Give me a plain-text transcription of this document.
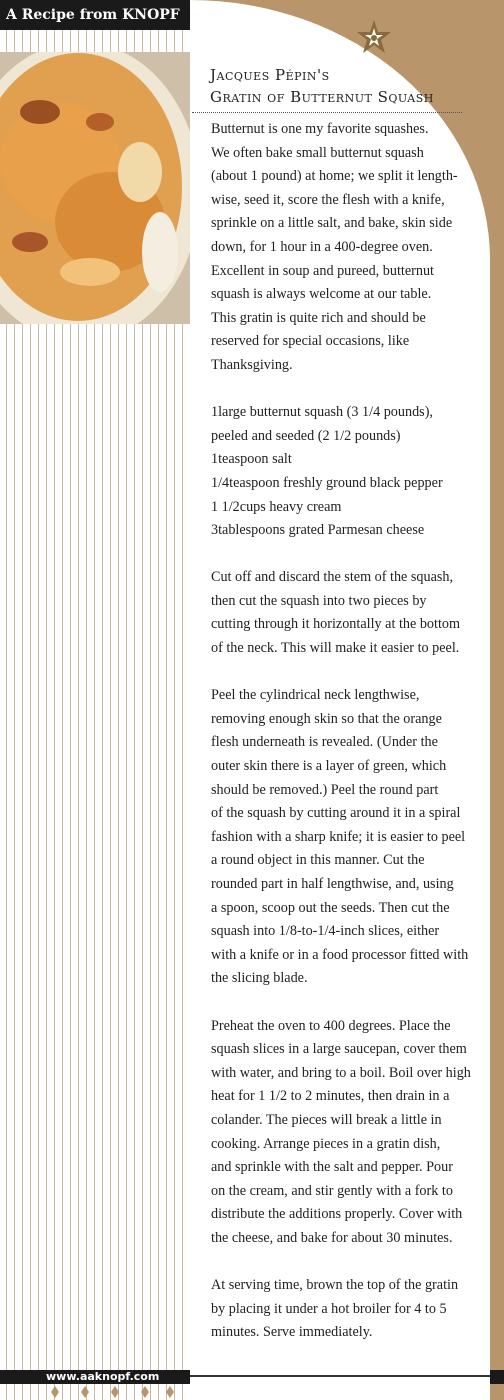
A Recipe from KNOPF
Jacques Pépin's
Gratin of Butternut Squash

Butternut is one my favorite squashes.

We often bake small butternut squash

(about 1 pound) at home; we split it length-

wise, seed it, score the flesh with a knife,

sprinkle on a little salt, and bake, skin side

down, for 1 hour in a 400-degree oven.

Excellent in soup and pureed, butternut

squash is always welcome at our table.

This gratin is quite rich and should be

reserved for special occasions, like

Thanksgiving.

1large butternut squash (3 1/4 pounds),

peeled and seeded (2 1/2 pounds)

1teaspoon salt

1/4teaspoon freshly ground black pepper

1 1/2cups heavy cream

3tablespoons grated Parmesan cheese

Cut off and discard the stem of the squash,

then cut the squash into two pieces by

cutting through it horizontally at the bottom

of the neck. This will make it easier to peel.

Peel the cylindrical neck lengthwise,

removing enough skin so that the orange

flesh underneath is revealed. (Under the

outer skin there is a layer of green, which

should be removed.) Peel the round part

of the squash by cutting around it in a spiral

fashion with a sharp knife; it is easier to peel

a round object in this manner. Cut the

rounded part in half lengthwise, and, using

a spoon, scoop out the seeds. Then cut the

squash into 1/8-to-1/4-inch slices, either

with a knife or in a food processor fitted with

the slicing blade.

Preheat the oven to 400 degrees. Place the

squash slices in a large saucepan, cover them

with water, and bring to a boil. Boil over high

heat for 1 1/2 to 2 minutes, then drain in a

colander. The pieces will break a little in

cooking. Arrange pieces in a gratin dish,

and sprinkle with the salt and pepper. Pour

on the cream, and stir gently with a fork to

distribute the additions properly. Cover with

the cheese, and bake for about 30 minutes.

At serving time, brown the top of the gratin

by placing it under a hot broiler for 4 to 5

minutes. Serve immediately.

www.aaknopf.com
